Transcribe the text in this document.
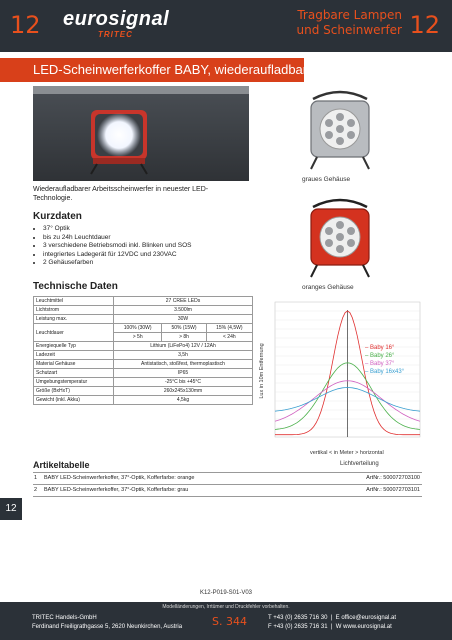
12 eurosignal
TRITEC
Tragbare Lampen
und Scheinwerfer 12
LED-Scheinwerferkoffer BABY, wiederaufladbar
graues Gehäuse
oranges Gehäuse
Wiederaufladbarer Arbeitsscheinwerfer in neuester LED-Technologie.
Kurzdaten
• 37° Optik
• bis zu 24h Leuchtdauer
• 3 verschiedene Betriebsmodi inkl. Blinken und SOS
• integriertes Ladegerät für 12VDC und 230VAC
• 2 Gehäusefarben
Technische Daten
Leuchtmittel	27 CREE LEDs		
Lichtstrom	3.500lm		
Leistung max.	30W		
Leuchtdauer	100% (30W)	50% (15W)	15% (4,5W)
	> 5h	> 8h	< 24h
Energiequelle Typ	Lithium (LiFePo4) 12V / 12Ah		
Ladezeit	3,5h		
Material Gehäuse	Antistatisch, stoßfest, thermoplastisch		
Schutzart	IP65		
Umgebungstemperatur	-25°C bis +45°C		
Größe (BxHxT)	260x245x130mm		
Gewicht (inkl. Akku)	4,5kg		
Lux in 10m Entfernung	– Baby 16°
– Baby 26°
– Baby 37°
– Baby 16x43°
vertikal < in Meter > horizontal
Lichtverteilung
Artikeltabelle
1 BABY LED-Scheinwerferkoffer, 37°-Optik, Kofferfarbe: orange	ArtNr.: 500072703100
2 BABY LED-Scheinwerferkoffer, 37°-Optik, Kofferfarbe: grau	ArtNr.: 500072703101
12
K12-P019-S01-V03
Modelländerungen, Irrtümer und Druckfehler vorbehalten.
TRITEC Handels-GmbH
Ferdinand Freiligrathgasse 5, 2620 Neunkirchen, Austria	S. 344	T +43 (0) 2635 716 30  |  E office@eurosignal.at
F +43 (0) 2635 716 31  |  W www.eurosignal.at
